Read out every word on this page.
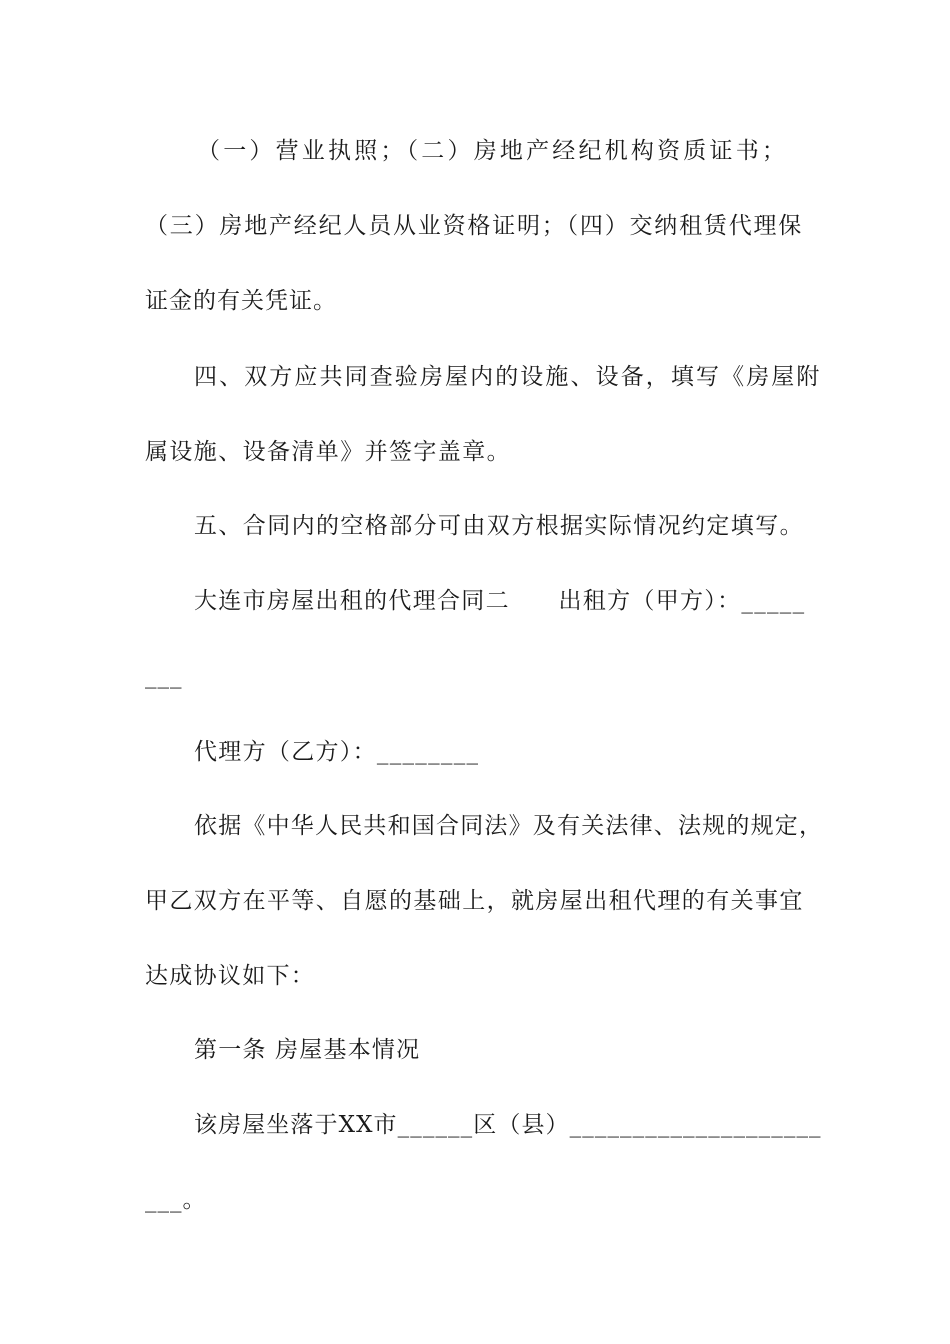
（一）营业执照；（二）房地产经纪机构资质证书；
（三）房地产经纪人员从业资格证明；（四）交纳租赁代理保
证金的有关凭证。
四、双方应共同查验房屋内的设施、设备，填写《房屋附
属设施、设备清单》并签字盖章。
五、合同内的空格部分可由双方根据实际情况约定填写。
大连市房屋出租的代理合同二　　出租方（甲方）：_____
___
代理方（乙方）：________
依据《中华人民共和国合同法》及有关法律、法规的规定，
甲乙双方在平等、自愿的基础上，就房屋出租代理的有关事宜
达成协议如下：
第一条 房屋基本情况
该房屋坐落于XX市______区（县）____________________
___。
